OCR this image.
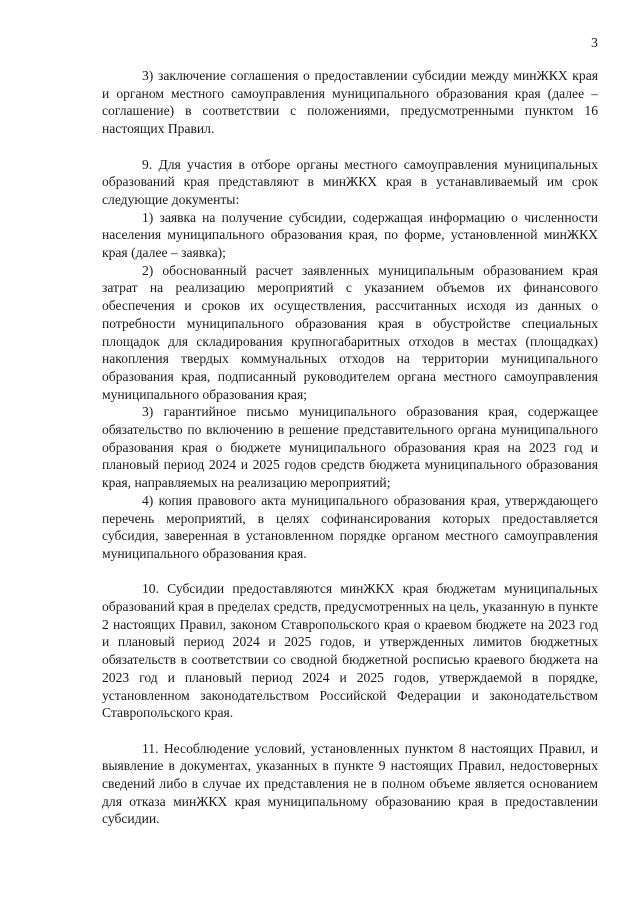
3

3) заключение соглашения о предоставлении субсидии между минЖКХ края и органом местного самоуправления муниципального образования края (далее – соглашение) в соответствии с положениями, предусмотренными пунктом 16 настоящих Правил.

9. Для участия в отборе органы местного самоуправления муниципальных образований края представляют в минЖКХ края в устанавливаемый им срок следующие документы:

1) заявка на получение субсидии, содержащая информацию о численности населения муниципального образования края, по форме, установленной минЖКХ края (далее – заявка);

2) обоснованный расчет заявленных муниципальным образованием края затрат на реализацию мероприятий с указанием объемов их финансового обеспечения и сроков их осуществления, рассчитанных исходя из данных о потребности муниципального образования края в обустройстве специальных площадок для складирования крупногабаритных отходов в местах (площадках) накопления твердых коммунальных отходов на территории муниципального образования края, подписанный руководителем органа местного самоуправления муниципального образования края;

3) гарантийное письмо муниципального образования края, содержащее обязательство по включению в решение представительного органа муниципального образования края о бюджете муниципального образования края на 2023 год и плановый период 2024 и 2025 годов средств бюджета муниципального образования края, направляемых на реализацию мероприятий;

4) копия правового акта муниципального образования края, утверждающего перечень мероприятий, в целях софинансирования которых предоставляется субсидия, заверенная в установленном порядке органом местного самоуправления муниципального образования края.

10. Субсидии предоставляются минЖКХ края бюджетам муниципальных образований края в пределах средств, предусмотренных на цель, указанную в пункте 2 настоящих Правил, законом Ставропольского края о краевом бюджете на 2023 год и плановый период 2024 и 2025 годов, и утвержденных лимитов бюджетных обязательств в соответствии со сводной бюджетной росписью краевого бюджета на 2023 год и плановый период 2024 и 2025 годов, утверждаемой в порядке, установленном законодательством Российской Федерации и законодательством Ставропольского края.

11. Несоблюдение условий, установленных пунктом 8 настоящих Правил, и выявление в документах, указанных в пункте 9 настоящих Правил, недостоверных сведений либо в случае их представления не в полном объеме является основанием для отказа минЖКХ края муниципальному образованию края в предоставлении субсидии.
